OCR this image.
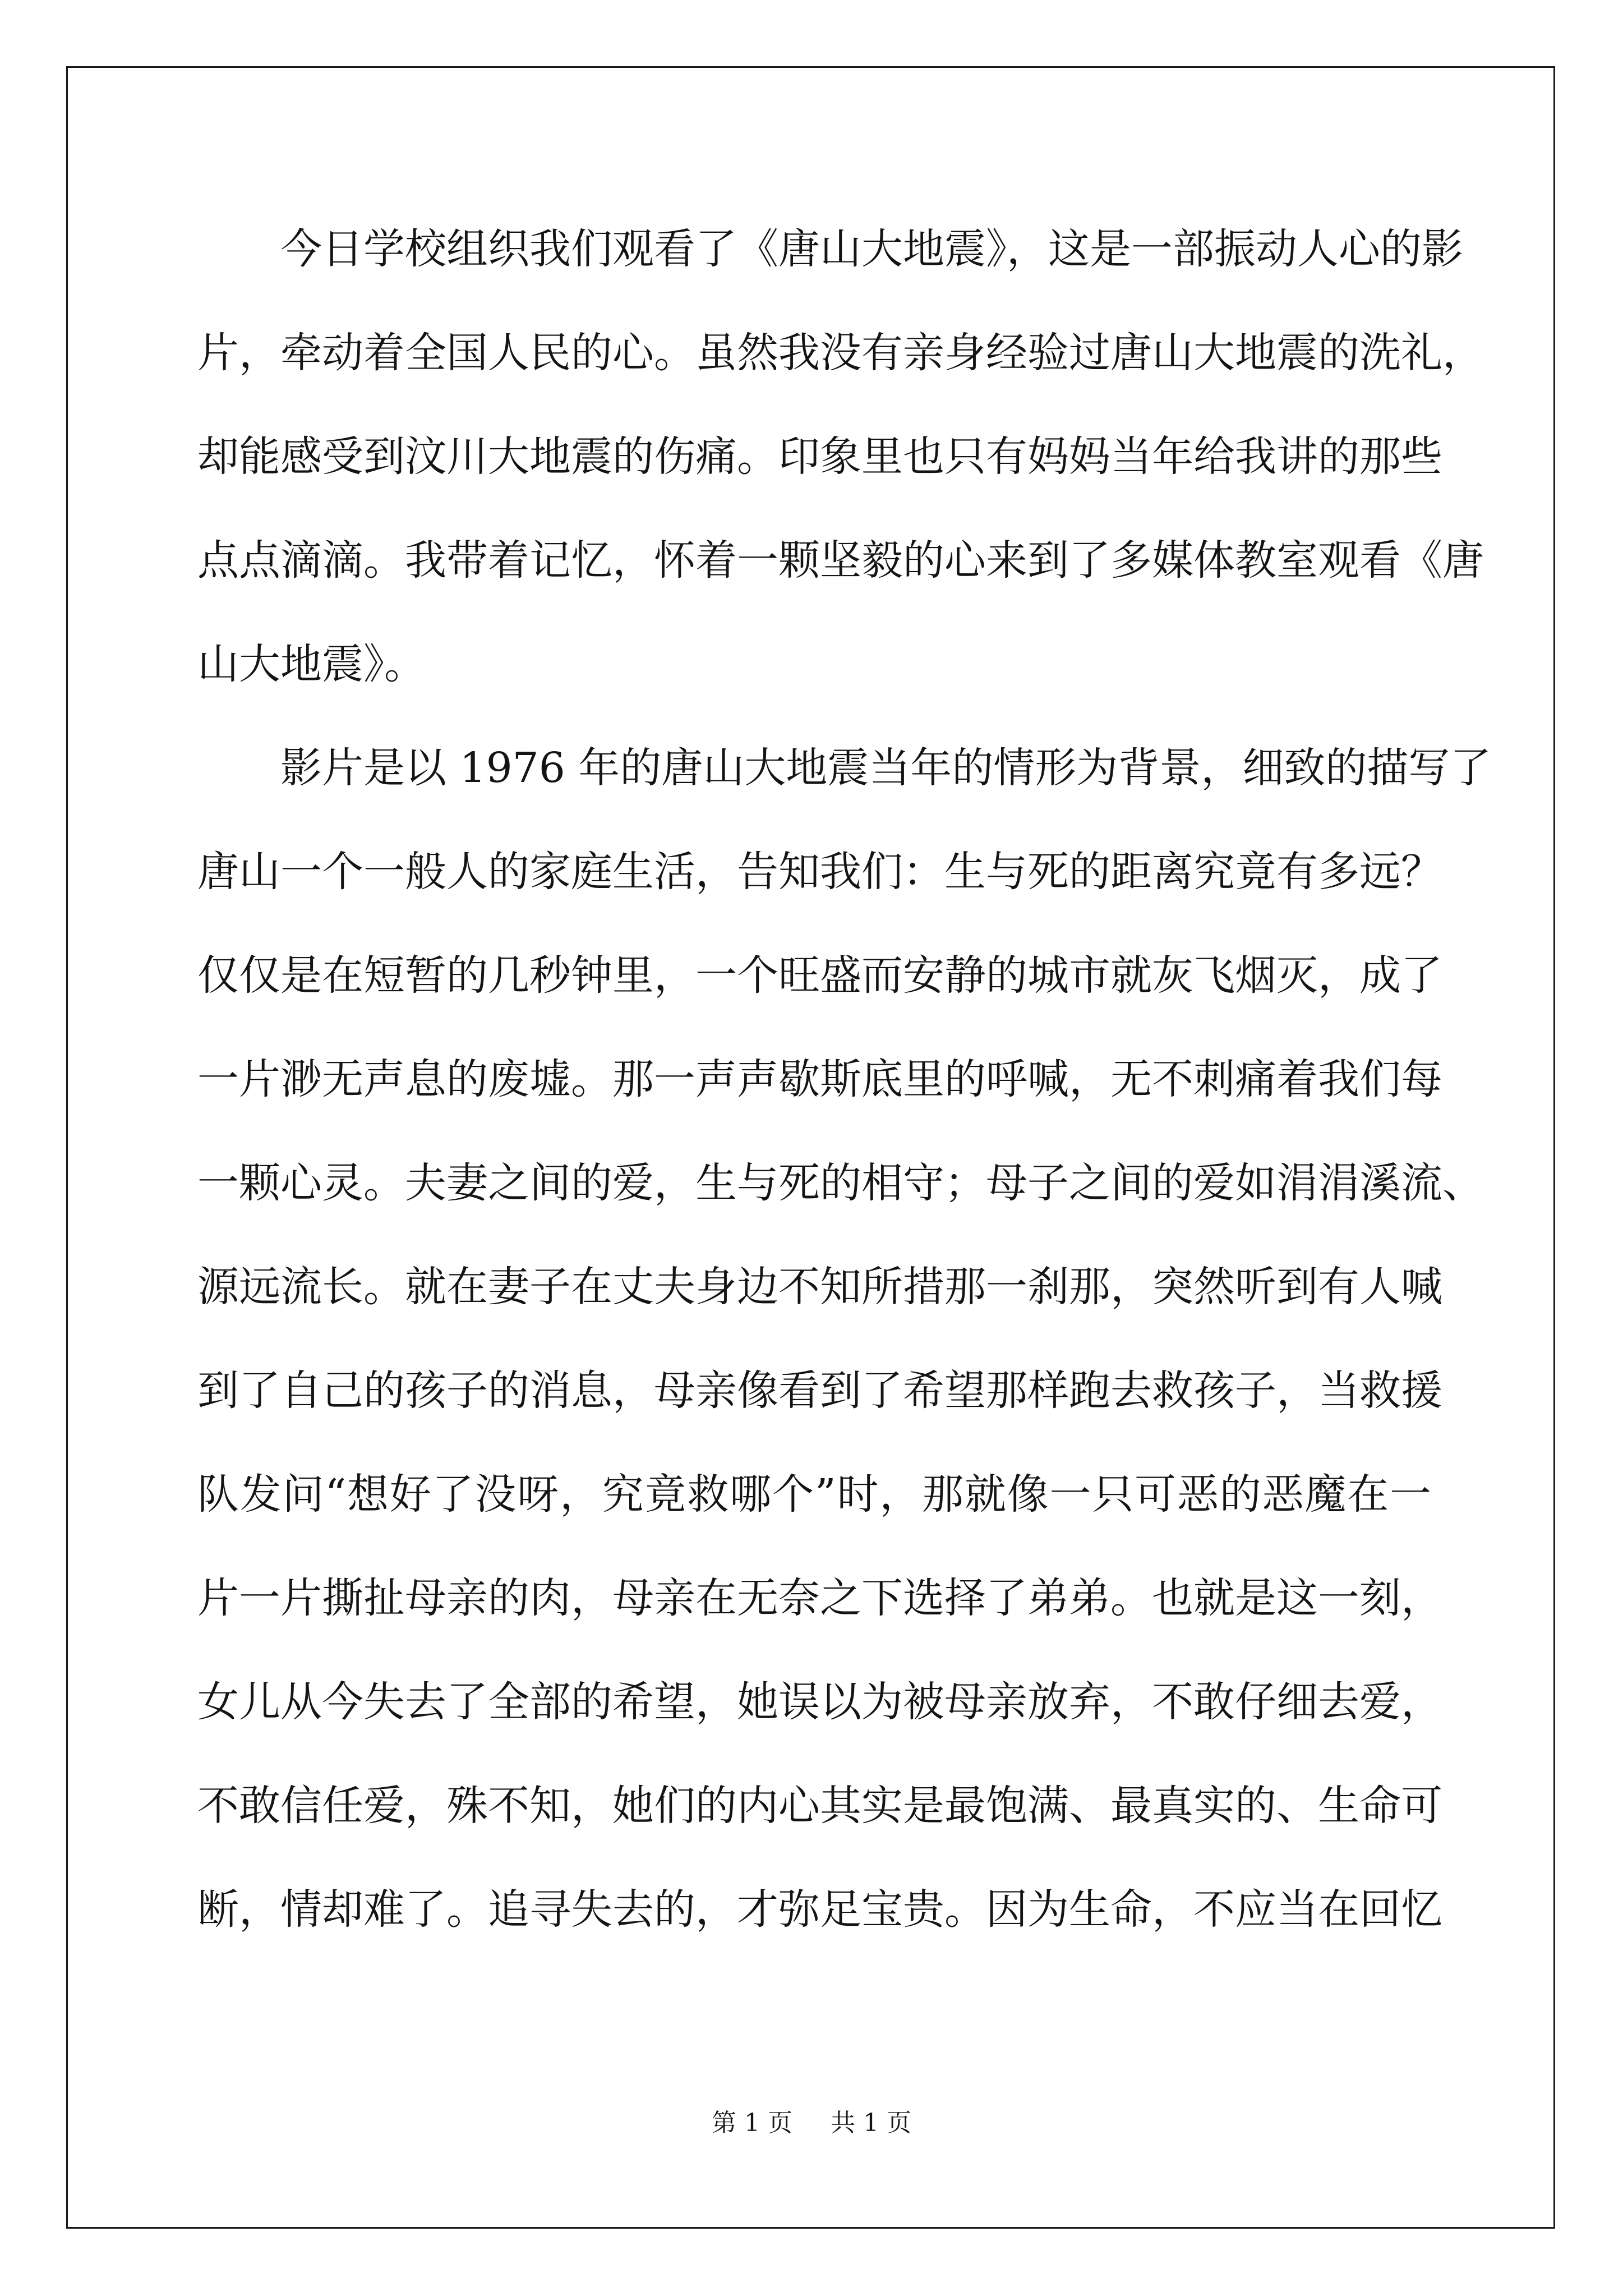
今日学校组织我们观看了《唐山大地震》，这是一部振动人心的影
片，牵动着全国人民的心。虽然我没有亲身经验过唐山大地震的洗礼，
却能感受到汶川大地震的伤痛。印象里也只有妈妈当年给我讲的那些
点点滴滴。我带着记忆，怀着一颗坚毅的心来到了多媒体教室观看《唐
山大地震》。
影片是以 1976 年的唐山大地震当年的情形为背景，细致的描写了
唐山一个一般人的家庭生活，告知我们：生与死的距离究竟有多远？
仅仅是在短暂的几秒钟里，一个旺盛而安静的城市就灰飞烟灭，成了
一片渺无声息的废墟。那一声声歇斯底里的呼喊，无不刺痛着我们每
一颗心灵。夫妻之间的爱，生与死的相守；母子之间的爱如涓涓溪流、
源远流长。就在妻子在丈夫身边不知所措那一刹那，突然听到有人喊
到了自己的孩子的消息，母亲像看到了希望那样跑去救孩子，当救援
队发问“想好了没呀，究竟救哪个”时，那就像一只可恶的恶魔在一
片一片撕扯母亲的肉，母亲在无奈之下选择了弟弟。也就是这一刻，
女儿从今失去了全部的希望，她误以为被母亲放弃，不敢仔细去爱，
不敢信任爱，殊不知，她们的内心其实是最饱满、最真实的、生命可
断，情却难了。追寻失去的，才弥足宝贵。因为生命，不应当在回忆
第 1 页 共 1 页
